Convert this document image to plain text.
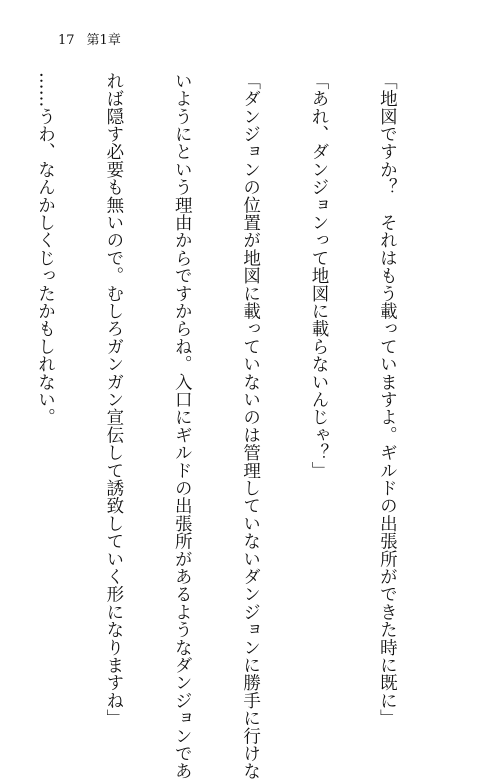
17 第1章

「地図ですか？　それはもう載っていますよ。ギルドの出張所ができた時に既に」

「あれ、ダンジョンって地図に載らないんじゃ？」

「ダンジョンの位置が地図に載っていないのは管理していないダンジョンに勝手に行けな

いようにという理由からですからね。入口にギルドの出張所があるようなダンジョンであ

れば隠す必要も無いので。むしろガンガン宣伝して誘致していく形になりますね」

……うわ、なんかしくじったかもしれない。
